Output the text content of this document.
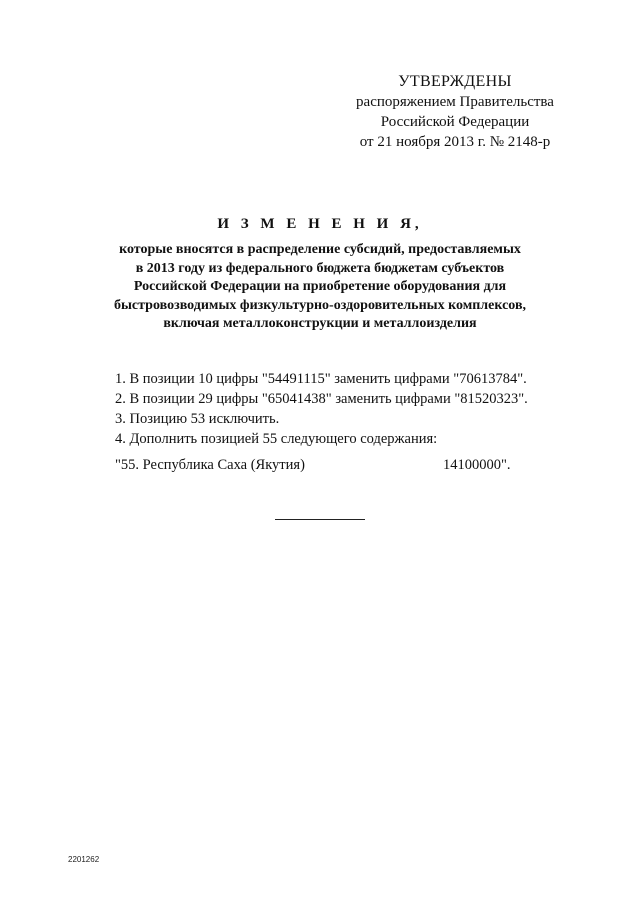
УТВЕРЖДЕНЫ
распоряжением Правительства
Российской Федерации
от 21 ноября 2013 г. № 2148-р
И З М Е Н Е Н И Я,
которые вносятся в распределение субсидий, предоставляемых
в 2013 году из федерального бюджета бюджетам субъектов
Российской Федерации на приобретение оборудования для
быстровозводимых физкультурно-оздоровительных комплексов,
включая металлоконструкции и металлоизделия
1. В позиции 10 цифры "54491115" заменить цифрами "70613784".
2. В позиции 29 цифры "65041438" заменить цифрами "81520323".
3. Позицию 53 исключить.
4. Дополнить позицией 55 следующего содержания:
"55. Республика Саха (Якутия)	14100000".
2201262
